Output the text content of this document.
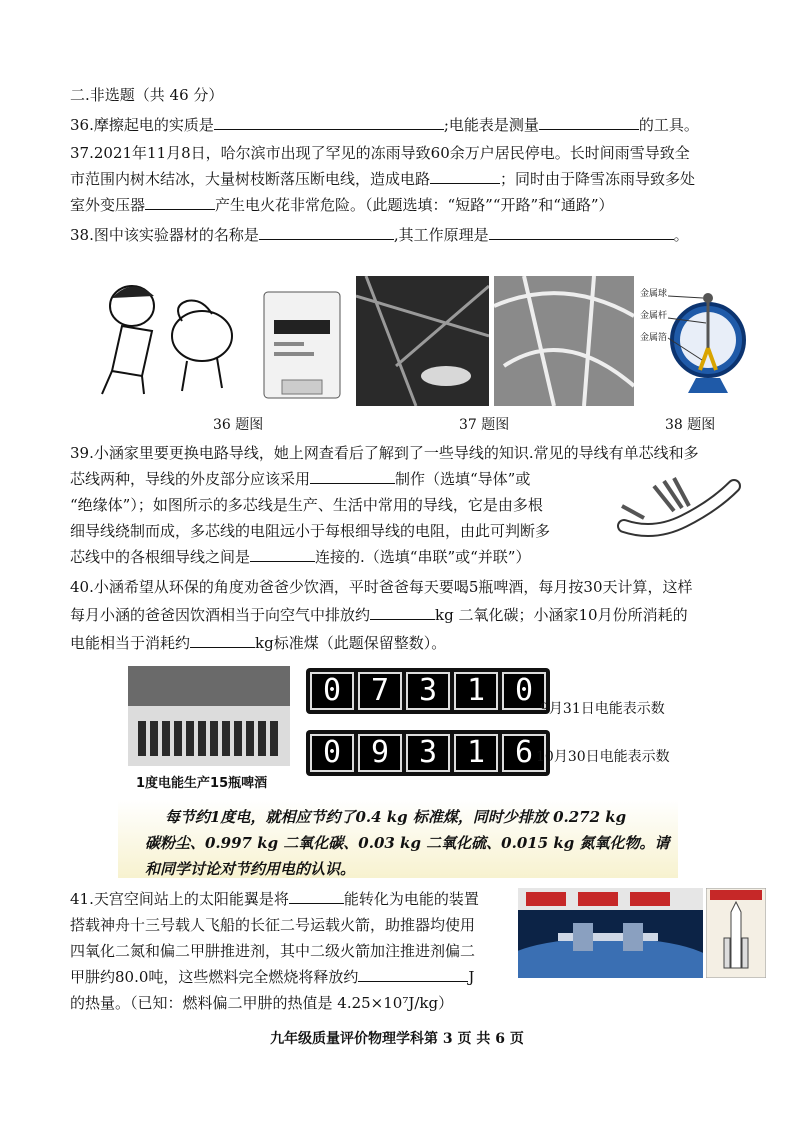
二.非选题（共 46 分）
36.摩擦起电的实质是	;电能表是测量	的工具。
37.2021年11月8日，哈尔滨市出现了罕见的冻雨导致60余万户居民停电。长时间雨雪导致全
市范围内树木结冰，大量树枝断落压断电线，造成电路	；同时由于降雪冻雨导致多处
室外变压器	产生电火花非常危险。（此题选填：“短路”“开路”和“通路”）
38.图中该实验器材的名称是	,其工作原理是	。
金属球
金属杆
金属箔
36 题图	37 题图	38 题图
39.小涵家里要更换电路导线，她上网查看后了解到了一些导线的知识.常见的导线有单芯线和多
芯线两种，导线的外皮部分应该采用	制作（选填“导体”或
“绝缘体”）；如图所示的多芯线是生产、生活中常用的导线，它是由多根
细导线绕制而成，多芯线的电阻远小于每根细导线的电阻，由此可判断多
芯线中的各根细导线之间是	连接的.（选填“串联”或“并联”）
40.小涵希望从环保的角度劝爸爸少饮酒，平时爸爸每天要喝5瓶啤酒，每月按30天计算，这样
每月小涵的爸爸因饮酒相当于向空气中排放约	kg 二氧化碳；小涵家10月份所消耗的
电能相当于消耗约	kg标准煤（此题保留整数）。
1度电能生产15瓶啤酒
0 7 3 1 0
9月31日电能表示数
0 9 3 1 6 10月30日电能表示数
每节约1度电，就相应节约了0.4 kg 标准煤，同时少排放 0.272 kg
碳粉尘、0.997 kg 二氧化碳、0.03 kg 二氧化硫、0.015 kg 氮氧化物。请
和同学讨论对节约用电的认识。
41.天宫空间站上的太阳能翼是将	能转化为电能的装置
搭载神舟十三号载人飞船的长征二号运载火箭，助推器均使用
四氧化二氮和偏二甲肼推进剂，其中二级火箭加注推进剂偏二
甲肼约80.0吨，这些燃料完全燃烧将释放约	J
的热量。（已知：燃料偏二甲肼的热值是 4.25×10⁷J/kg）
九年级质量评价物理学科第 3 页 共 6 页
